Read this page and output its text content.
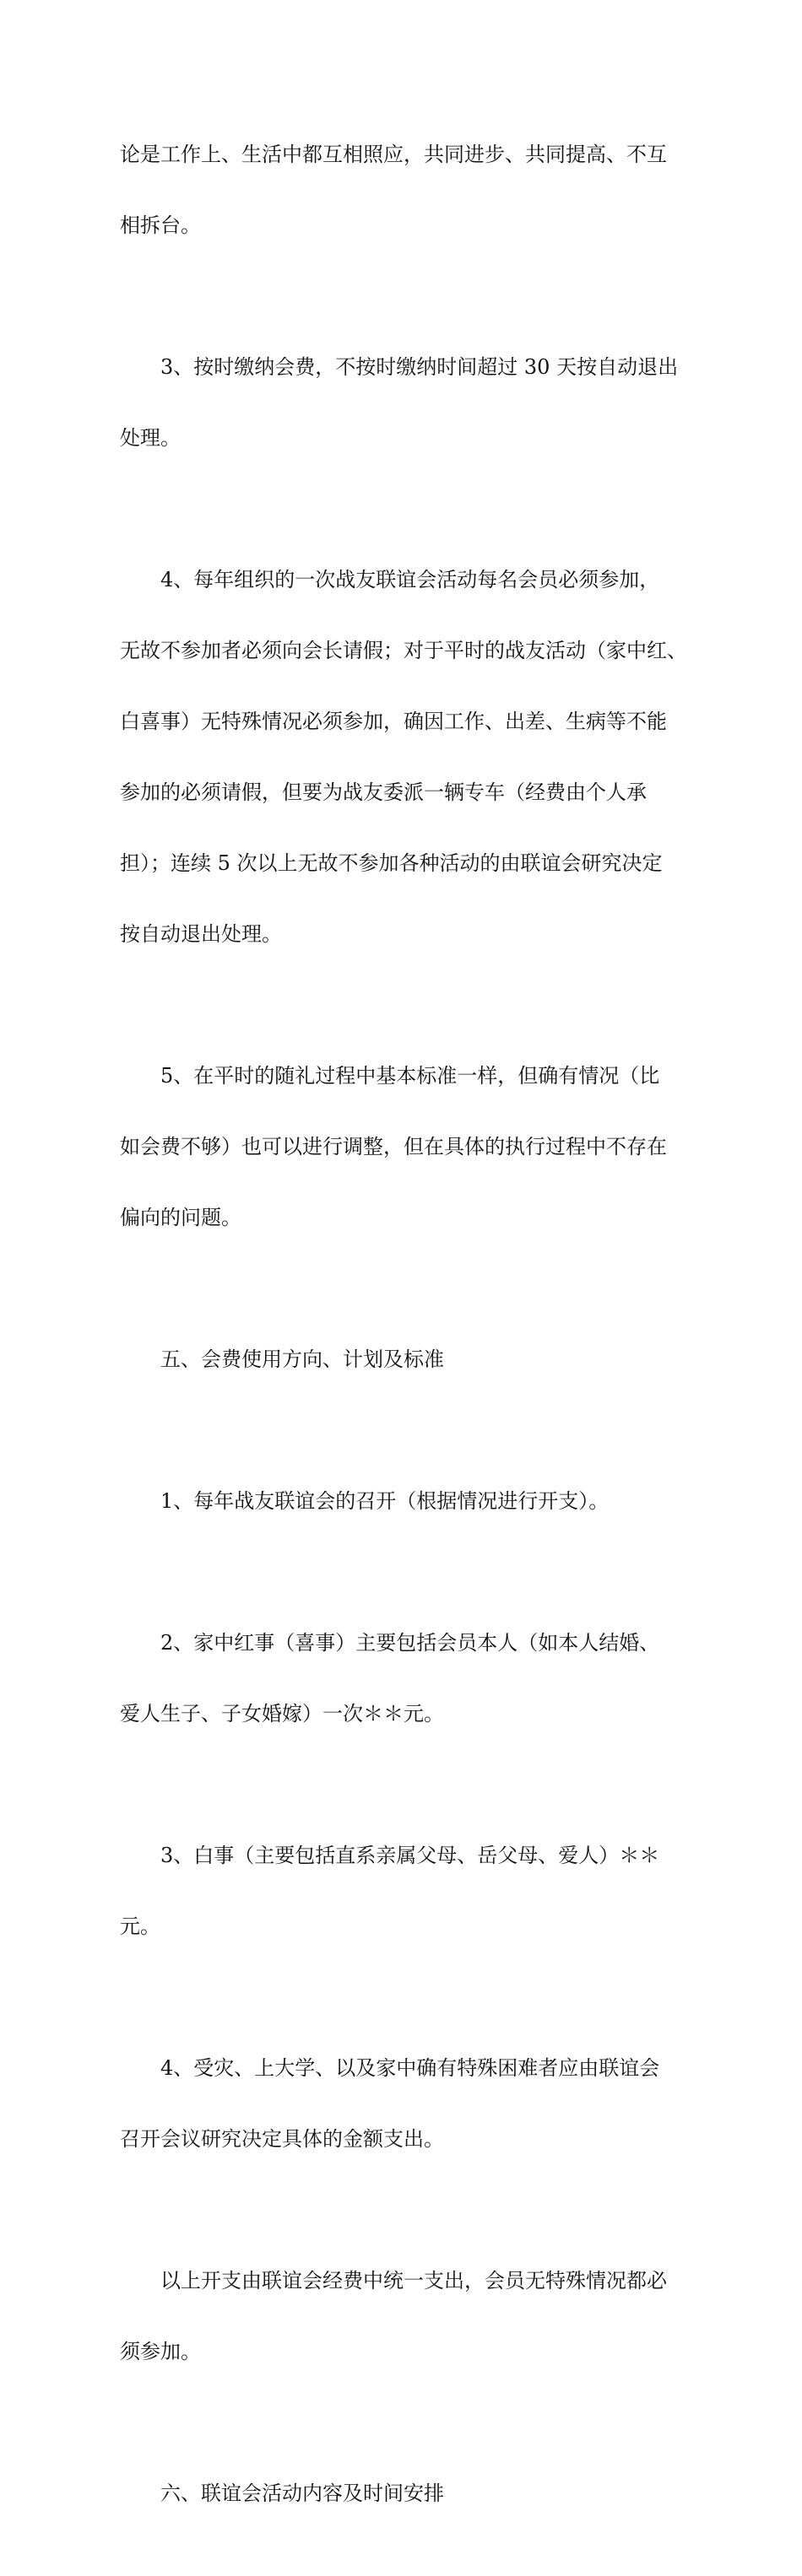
论是工作上、生活中都互相照应，共同进步、共同提高、不互

相拆台。

3、按时缴纳会费，不按时缴纳时间超过 30 天按自动退出

处理。

4、每年组织的一次战友联谊会活动每名会员必须参加，

无故不参加者必须向会长请假；对于平时的战友活动（家中红、

白喜事）无特殊情况必须参加，确因工作、出差、生病等不能

参加的必须请假，但要为战友委派一辆专车（经费由个人承

担）；连续 5 次以上无故不参加各种活动的由联谊会研究决定

按自动退出处理。

5、在平时的随礼过程中基本标准一样，但确有情况（比

如会费不够）也可以进行调整，但在具体的执行过程中不存在

偏向的问题。

五、会费使用方向、计划及标准

1、每年战友联谊会的召开（根据情况进行开支）。

2、家中红事（喜事）主要包括会员本人（如本人结婚、

爱人生子、子女婚嫁）一次＊＊元。

3、白事（主要包括直系亲属父母、岳父母、爱人）＊＊

元。

4、受灾、上大学、以及家中确有特殊困难者应由联谊会

召开会议研究决定具体的金额支出。

以上开支由联谊会经费中统一支出，会员无特殊情况都必

须参加。

六、联谊会活动内容及时间安排
